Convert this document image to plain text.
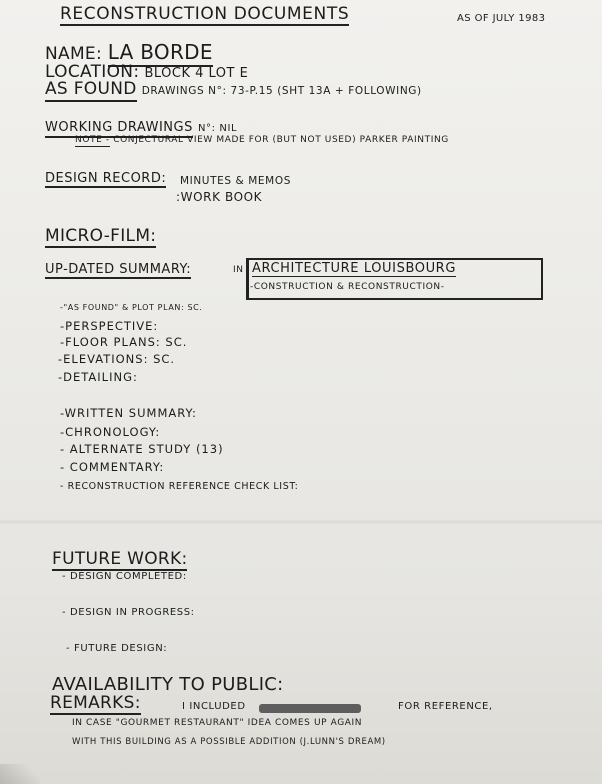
RECONSTRUCTION DOCUMENTS	AS OF JULY 1983
NAME: LA BORDE
LOCATION: BLOCK 4 LOT E
AS FOUND DRAWINGS N°: 73-P.15 (SHT 13A + FOLLOWING)
WORKING DRAWINGS N°: NIL
NOTE - CONJECTURAL VIEW MADE FOR (BUT NOT USED) PARKER PAINTING
DESIGN RECORD: MINUTES & MEMOS
:WORK BOOK
MICRO-FILM:
UP-DATED SUMMARY:	IN ARCHITECTURE LOUISBOURG
-CONSTRUCTION & RECONSTRUCTION-
-"AS FOUND" & PLOT PLAN: SC.
-PERSPECTIVE:
-FLOOR PLANS: SC.
-ELEVATIONS: SC.
-DETAILING:
-WRITTEN SUMMARY:
-CHRONOLOGY:
- ALTERNATE STUDY (13)
- COMMENTARY:
- RECONSTRUCTION REFERENCE CHECK LIST:
FUTURE WORK:
- DESIGN COMPLETED:
- DESIGN IN PROGRESS:
- FUTURE DESIGN:
AVAILABILITY TO PUBLIC:
REMARKS:	I INCLUDED	FOR REFERENCE,
IN CASE "GOURMET RESTAURANT" IDEA COMES UP AGAIN
WITH THIS BUILDING AS A POSSIBLE ADDITION (J.LUNN'S DREAM)
